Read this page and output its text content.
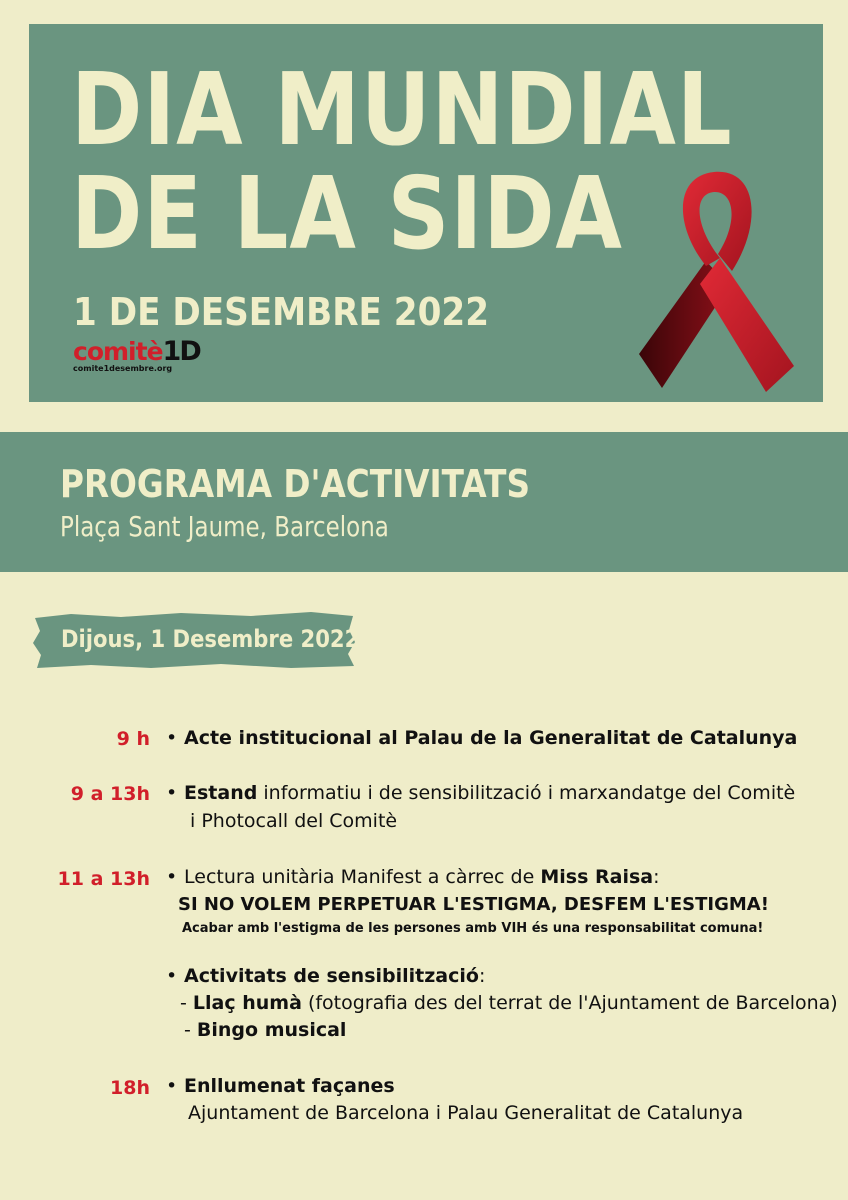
DIA MUNDIAL
DE LA SIDA
1 DE DESEMBRE 2022
comitè1D
comite1desembre.org
PROGRAMA D'ACTIVITATS
Plaça Sant Jaume, Barcelona
Dijous, 1 Desembre 2022
9 h • Acte institucional al Palau de la Generalitat de Catalunya
9 a 13h • Estand informatiu i de sensibilització i marxandatge del Comitè
i Photocall del Comitè
11 a 13h • Lectura unitària Manifest a càrrec de Miss Raisa:
SI NO VOLEM PERPETUAR L'ESTIGMA, DESFEM L'ESTIGMA!
Acabar amb l'estigma de les persones amb VIH és una responsabilitat comuna!
• Activitats de sensibilització:
- Llaç humà (fotografia des del terrat de l'Ajuntament de Barcelona)
- Bingo musical
18h • Enllumenat façanes
Ajuntament de Barcelona i Palau Generalitat de Catalunya
